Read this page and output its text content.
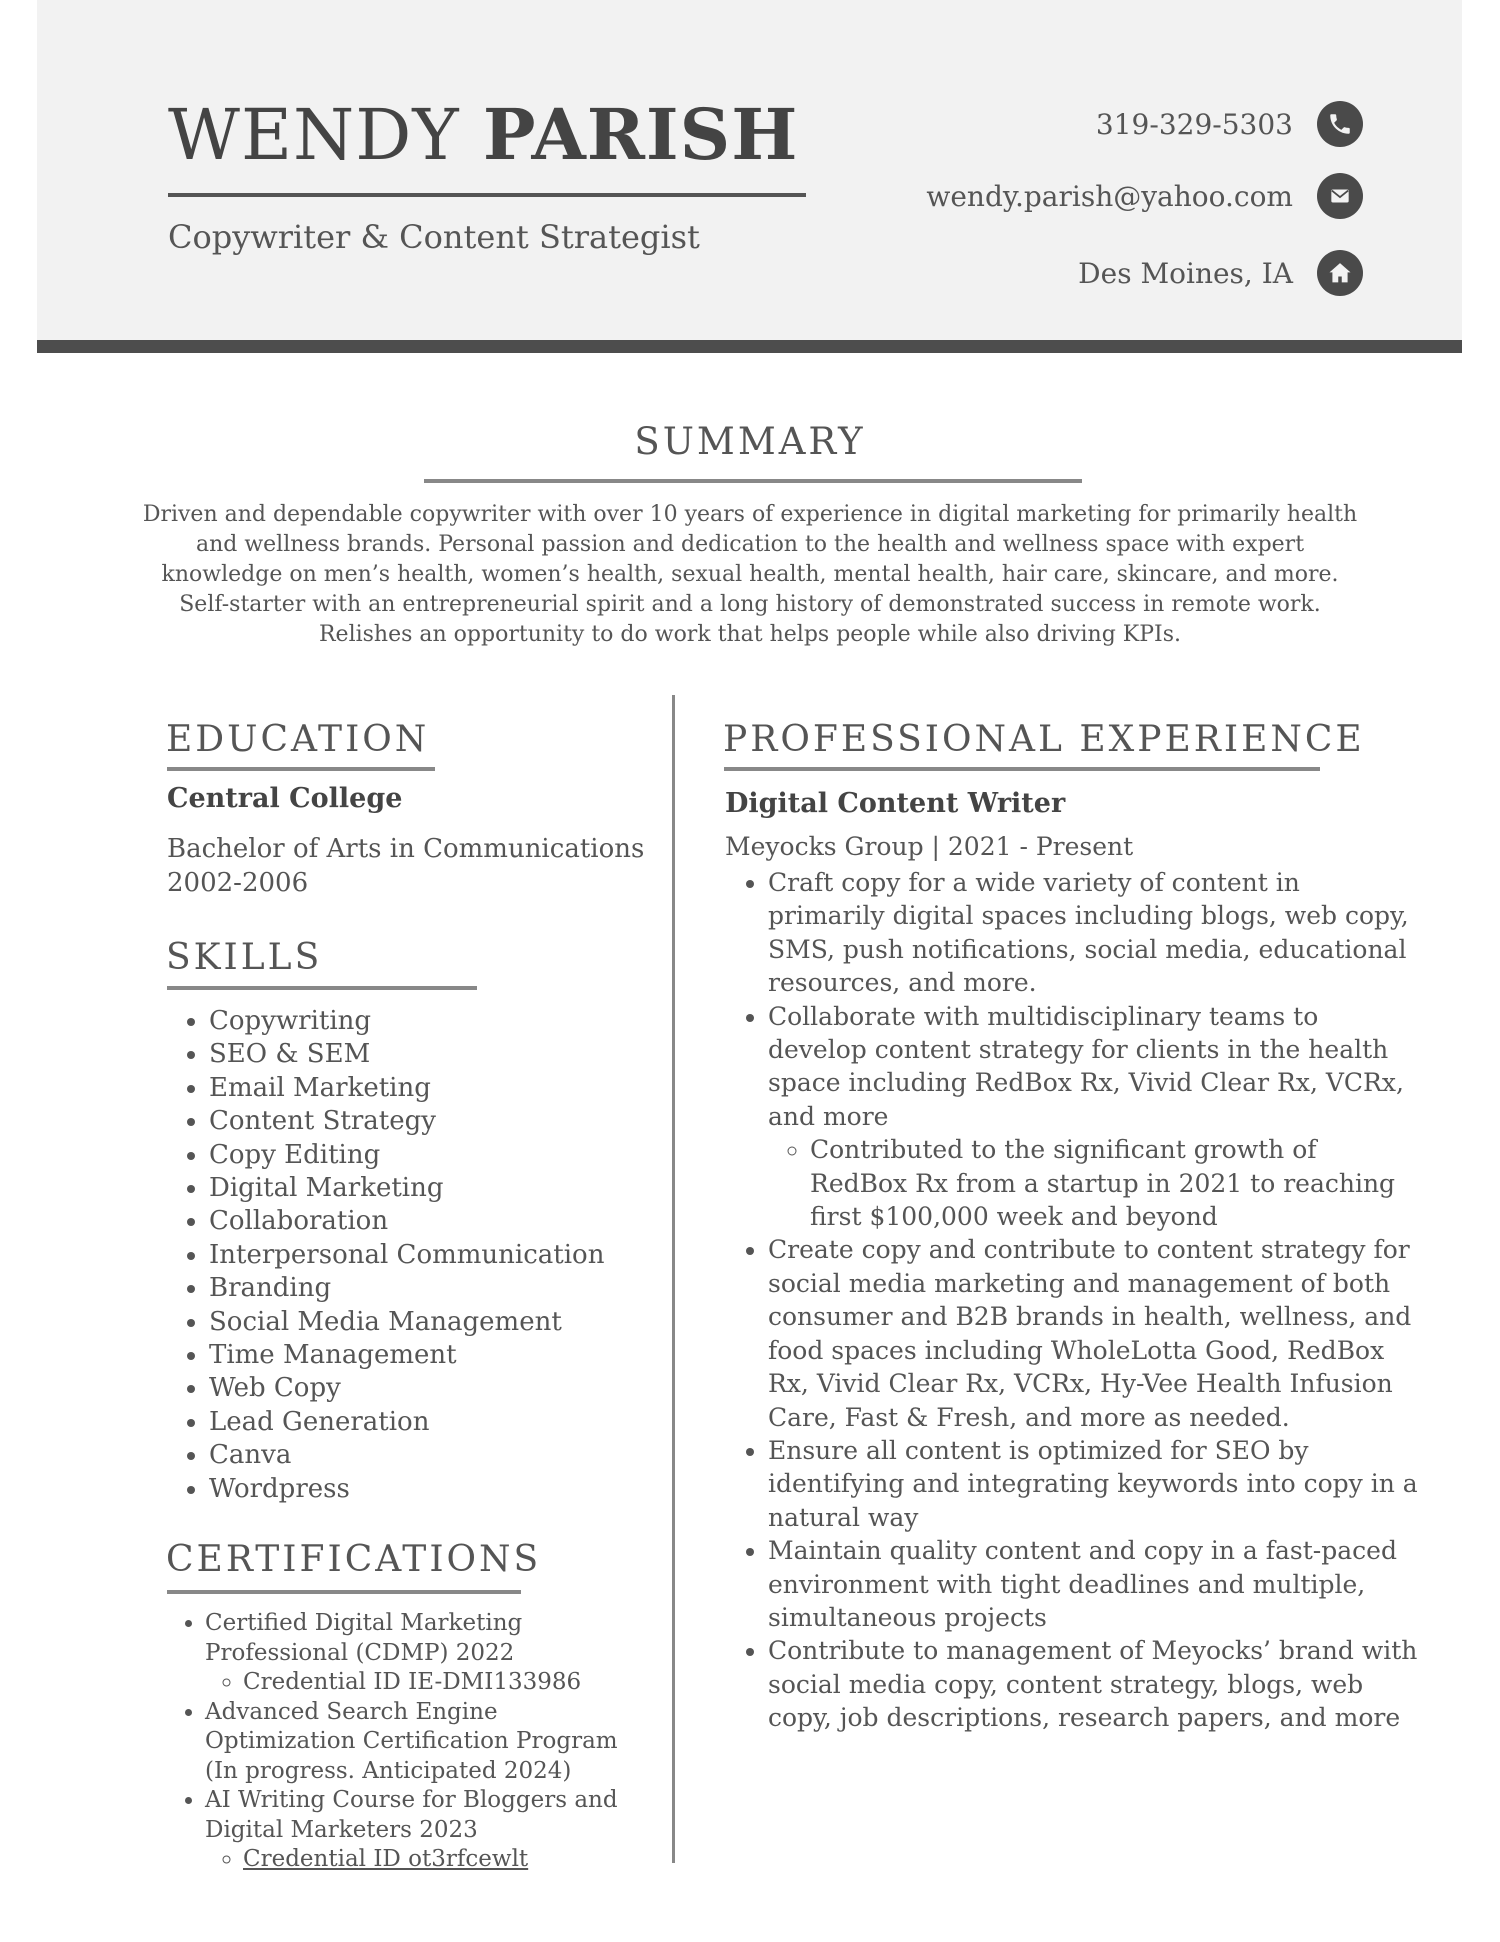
WENDY PARISH

Copywriter & Content Strategist

319-329-5303
wendy.parish@yahoo.com
Des Moines, IA
SUMMARY

Driven and dependable copywriter with over 10 years of experience in digital marketing for primarily health and wellness brands. Personal passion and dedication to the health and wellness space with expert knowledge on men’s health, women’s health, sexual health, mental health, hair care, skincare, and more. Self-starter with an entrepreneurial spirit and a long history of demonstrated success in remote work. Relishes an opportunity to do work that helps people while also driving KPIs.

EDUCATION

Central College

Bachelor of Arts in Communications

2002-2006

SKILLS
• Copywriting
• SEO & SEM
• Email Marketing
• Content Strategy
• Copy Editing
• Digital Marketing
• Collaboration
• Interpersonal Communication
• Branding
• Social Media Management
• Time Management
• Web Copy
• Lead Generation
• Canva
• Wordpress
CERTIFICATIONS
• Certified Digital Marketing Professional (CDMP) 2022
◦ Credential ID IE-DMI133986
• Advanced Search Engine Optimization Certification Program (In progress. Anticipated 2024)
• AI Writing Course for Bloggers and Digital Marketers 2023
◦ Credential ID ot3rfcewlt
PROFESSIONAL EXPERIENCE

Digital Content Writer

Meyocks Group | 2021 - Present

• Craft copy for a wide variety of content in primarily digital spaces including blogs, web copy, SMS, push notifications, social media, educational resources, and more.
• Collaborate with multidisciplinary teams to develop content strategy for clients in the health space including RedBox Rx, Vivid Clear Rx, VCRx, and more
◦ Contributed to the significant growth of RedBox Rx from a startup in 2021 to reaching first $100,000 week and beyond
• Create copy and contribute to content strategy for social media marketing and management of both consumer and B2B brands in health, wellness, and food spaces including WholeLotta Good, RedBox Rx, Vivid Clear Rx, VCRx, Hy-Vee Health Infusion Care, Fast & Fresh, and more as needed.
• Ensure all content is optimized for SEO by identifying and integrating keywords into copy in a natural way
• Maintain quality content and copy in a fast-paced environment with tight deadlines and multiple, simultaneous projects
• Contribute to management of Meyocks’ brand with social media copy, content strategy, blogs, web copy, job descriptions, research papers, and more
